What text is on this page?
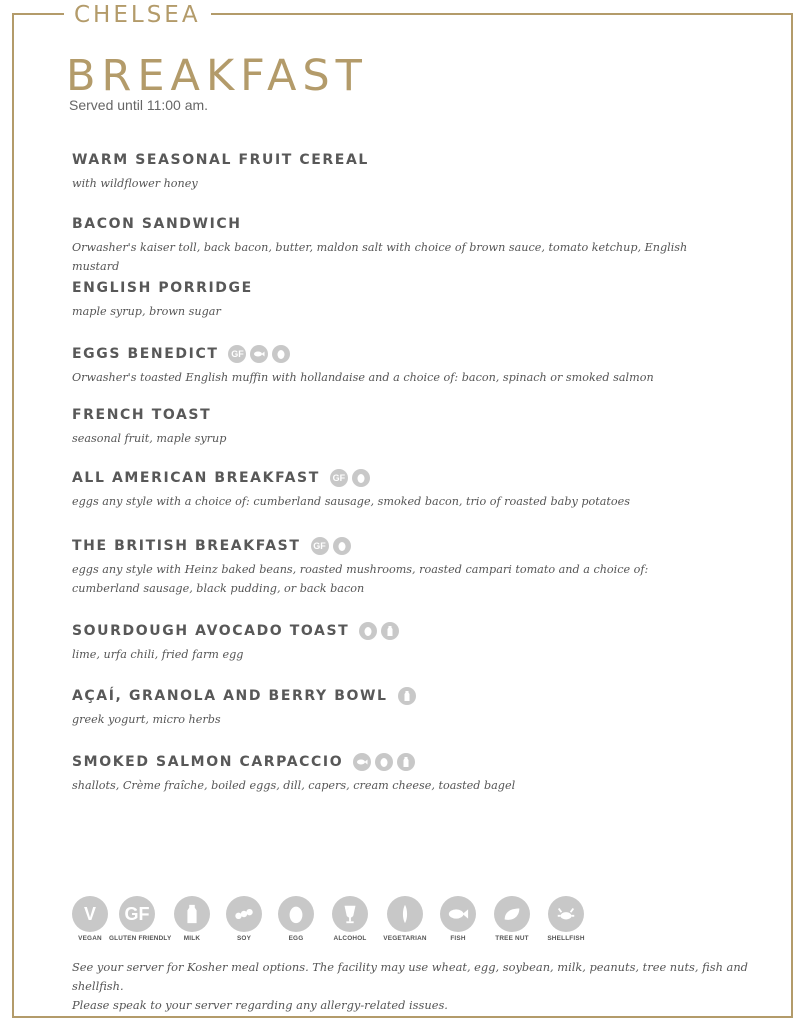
CHELSEA
BREAKFAST
Served until 11:00 am.
WARM SEASONAL FRUIT CEREAL
with wildflower honey
BACON SANDWICH
Orwasher's kaiser toll, back bacon, butter, maldon salt with choice of brown sauce, tomato ketchup, English mustard
ENGLISH PORRIDGE
maple syrup, brown sugar
EGGS BENEDICT	GF
Orwasher's toasted English muffin with hollandaise and a choice of: bacon, spinach or smoked salmon
FRENCH TOAST
seasonal fruit, maple syrup
ALL AMERICAN BREAKFAST	GF
eggs any style with a choice of: cumberland sausage, smoked bacon, trio of roasted baby potatoes
THE BRITISH BREAKFAST	GF
eggs any style with Heinz baked beans, roasted mushrooms, roasted campari tomato and a choice of: cumberland sausage, black pudding, or back bacon
SOURDOUGH AVOCADO TOAST
lime, urfa chili, fried farm egg
AÇAÍ, GRANOLA AND BERRY BOWL
greek yogurt, micro herbs
SMOKED SALMON CARPACCIO
shallots, Crème fraîche, boiled eggs, dill, capers, cream cheese, toasted bagel
V
VEGAN
GF
GLUTEN FRIENDLY	MILK	SOY	EGG	ALCOHOL	VEGETARIAN	FISH	TREE NUT	SHELLFISH
See your server for Kosher meal options. The facility may use wheat, egg, soybean, milk, peanuts, tree nuts, fish and shellfish.
Please speak to your server regarding any allergy-related issues.
